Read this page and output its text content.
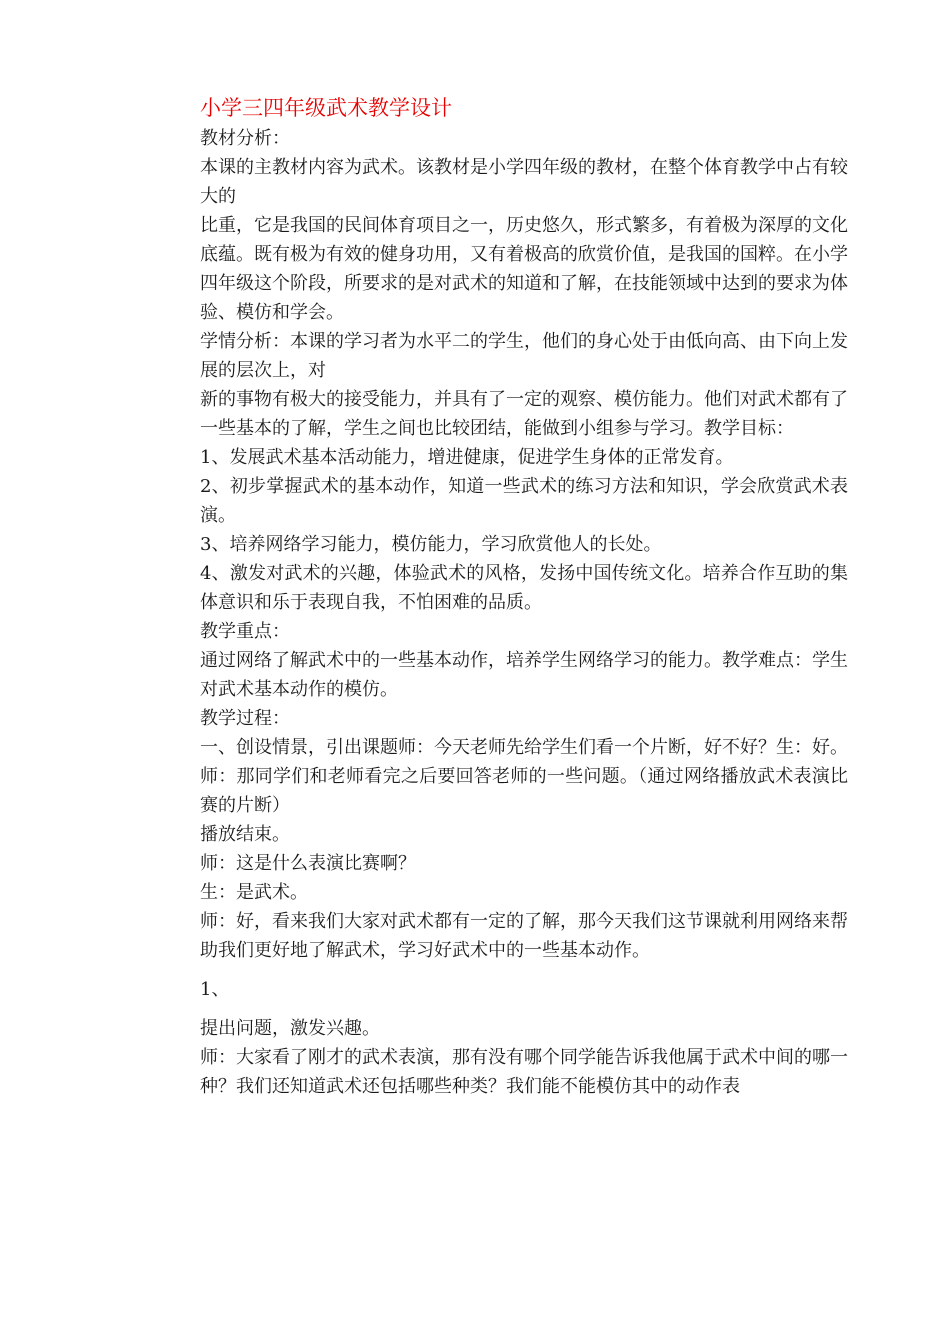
小学三四年级武术教学设计

教材分析：

本课的主教材内容为武术。该教材是小学四年级的教材，在整个体育教学中占有较大的

比重，它是我国的民间体育项目之一，历史悠久，形式繁多，有着极为深厚的文化底蕴。既有极为有效的健身功用，又有着极高的欣赏价值，是我国的国粹。在小学四年级这个阶段，所要求的是对武术的知道和了解，在技能领域中达到的要求为体验、模仿和学会。

学情分析：本课的学习者为水平二的学生，他们的身心处于由低向高、由下向上发展的层次上，对

新的事物有极大的接受能力，并具有了一定的观察、模仿能力。他们对武术都有了一些基本的了解，学生之间也比较团结，能做到小组参与学习。教学目标：

1、发展武术基本活动能力，增进健康，促进学生身体的正常发育。

2、初步掌握武术的基本动作，知道一些武术的练习方法和知识，学会欣赏武术表演。

3、培养网络学习能力，模仿能力，学习欣赏他人的长处。

4、激发对武术的兴趣，体验武术的风格，发扬中国传统文化。培养合作互助的集体意识和乐于表现自我，不怕困难的品质。

教学重点：

通过网络了解武术中的一些基本动作，培养学生网络学习的能力。教学难点：学生对武术基本动作的模仿。

教学过程：

一、创设情景，引出课题师：今天老师先给学生们看一个片断，好不好？生：好。

师：那同学们和老师看完之后要回答老师的一些问题。（通过网络播放武术表演比赛的片断）

播放结束。

师：这是什么表演比赛啊？

生：是武术。

师：好，看来我们大家对武术都有一定的了解，那今天我们这节课就利用网络来帮助我们更好地了解武术，学习好武术中的一些基本动作。

1、

提出问题，激发兴趣。

师：大家看了刚才的武术表演，那有没有哪个同学能告诉我他属于武术中间的哪一种？我们还知道武术还包括哪些种类？我们能不能模仿其中的动作表
